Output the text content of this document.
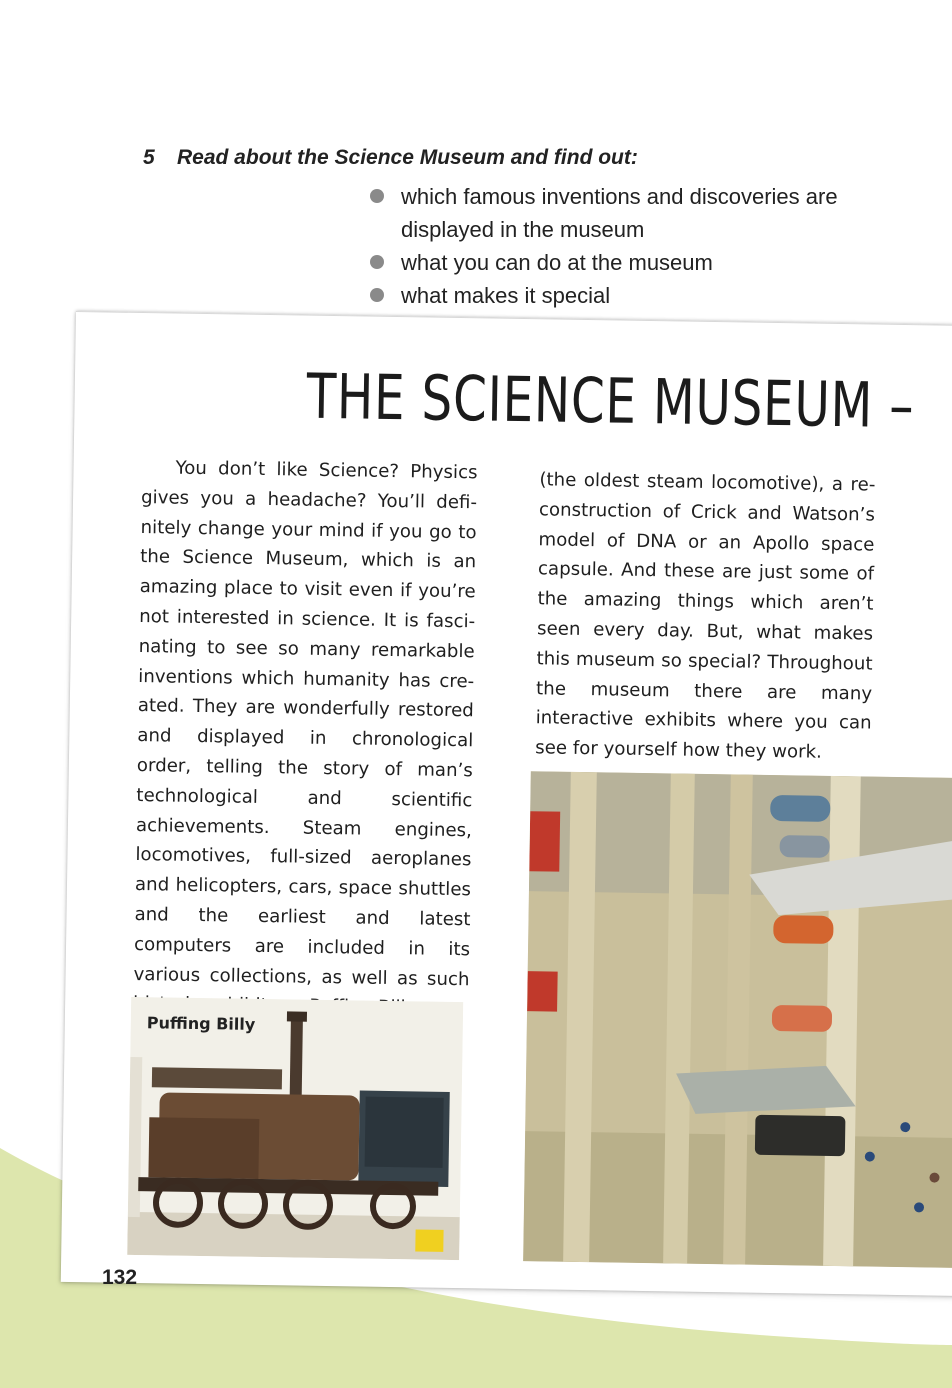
5 Read about the Science Museum and find out:
which famous inventions and discoveries are displayed in the museum
what you can do at the museum
what makes it special
THE SCIENCE MUSEUM –
You don’t like Science? Physics gives you a headache? You’ll definitely change your mind if you go to the Science Museum, which is an amazing place to visit even if you’re not interested in science. It is fascinating to see so many remarkable inventions which humanity has created. They are wonderfully restored and displayed in chronological order, telling the story of man’s technological and scientific achievements. Steam engines, locomotives, full-sized aeroplanes and helicopters, cars, space shuttles and the earliest and latest computers are included in its various collections, as well as such
(the oldest steam locomotive), a reconstruction of Crick and Watson’s model of DNA or an Apollo space capsule. And these are just some of the amazing things which aren’t seen every day. But, what makes this museum so special? Throughout the museum there are many interactive exhibits where you can see for yourself how they work.
Puffing Billy
132
